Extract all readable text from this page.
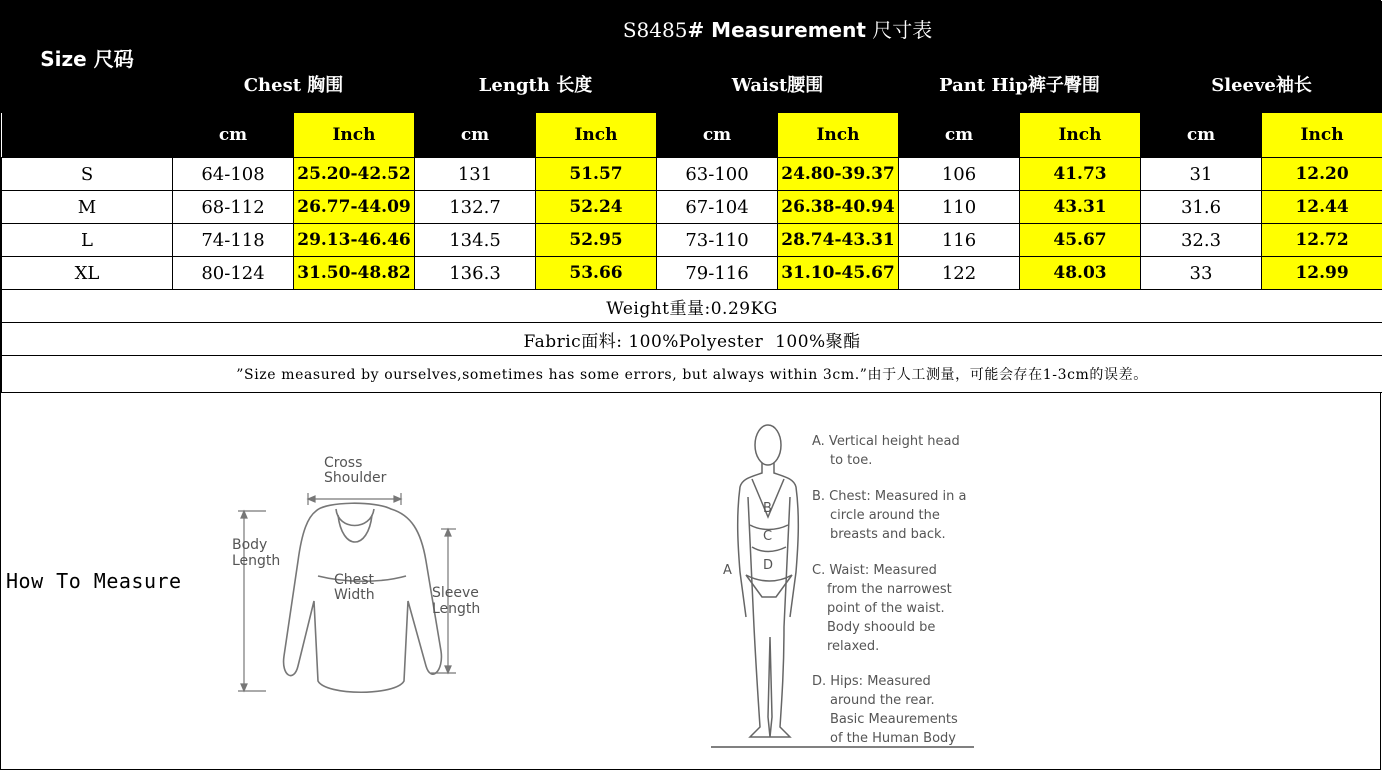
Size 尺码	S8485# Measurement 尺寸表									
	Chest 胸围		Length 长度		Waist腰围		Pant Hip裤子臀围		Sleeve袖长	
	cm	Inch	cm	Inch	cm	Inch	cm	Inch	cm	Inch
S	64-108	25.20-42.52	131	51.57	63-100	24.80-39.37	106	41.73	31	12.20
M	68-112	26.77-44.09	132.7	52.24	67-104	26.38-40.94	110	43.31	31.6	12.44
L	74-118	29.13-46.46	134.5	52.95	73-110	28.74-43.31	116	45.67	32.3	12.72
XL	80-124	31.50-48.82	136.3	53.66	79-116	31.10-45.67	122	48.03	33	12.99
Weight重量:0.29KG										
Fabric面料: 100%Polyester  100%聚酯										
”Size measured by ourselves,sometimes has some errors, but always within 3cm.”由于人工测量，可能会存在1-3cm的误差。										
How To Measure
Cross
Shoulder
Body
Length
Chest
Width	Sleeve
Length
B
C
D
A
A. Vertical height head
to toe.
B. Chest: Measured in a
circle around the
breasts and back.
C. Waist: Measured
from the narrowest
point of the waist.
Body shoould be
relaxed.
D. Hips: Measured
around the rear.
Basic Meaurements
of the Human Body
